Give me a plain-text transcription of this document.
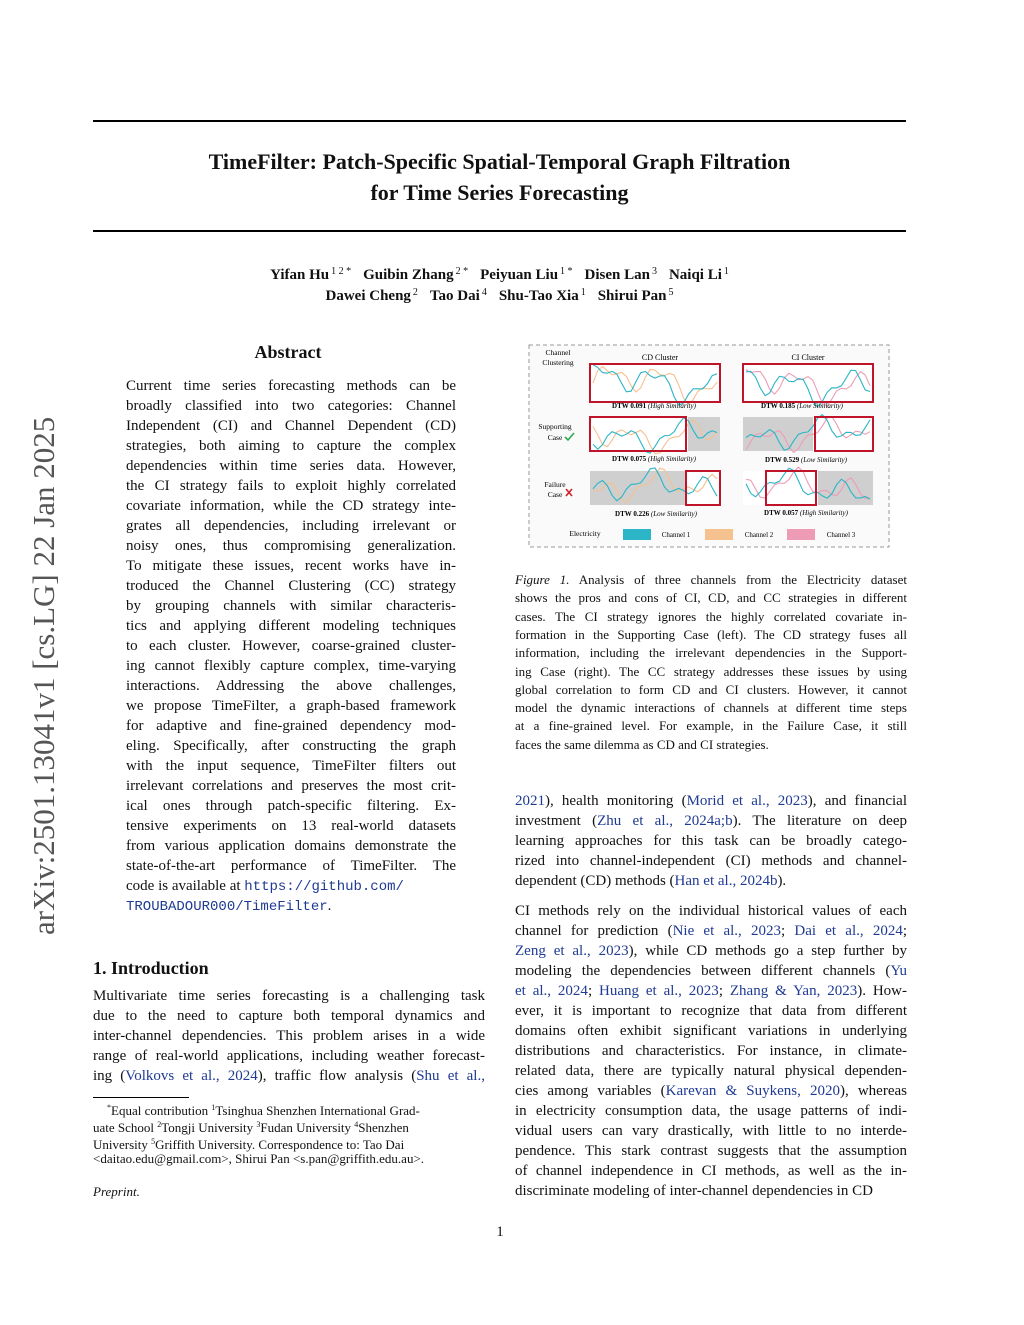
TimeFilter: Patch-Specific Spatial-Temporal Graph Filtration
for Time Series Forecasting
Yifan Hu $^{1 2 *}$ Guibin Zhang $^{2 *}$ Peiyuan Liu $^{1 *}$ Disen Lan $^3$ Naiqi Li $^1$
Dawei Cheng $^2$ Tao Dai $^4$ Shu-Tao Xia $^1$ Shirui Pan $^5$
arXiv:2501.13041v1 [cs.LG] 22 Jan 2025
Abstract
Current time series forecasting methods can be
broadly classified into two categories: Channel
Independent (CI) and Channel Dependent (CD)
strategies, both aiming to capture the complex
dependencies within time series data. However,
the CI strategy fails to exploit highly correlated
covariate information, while the CD strategy inte-
grates all dependencies, including irrelevant or
noisy ones, thus compromising generalization.
To mitigate these issues, recent works have in-
troduced the Channel Clustering (CC) strategy
by grouping channels with similar characteris-
tics and applying different modeling techniques
to each cluster. However, coarse-grained cluster-
ing cannot flexibly capture complex, time-varying
interactions. Addressing the above challenges,
we propose TimeFilter, a graph-based framework
for adaptive and fine-grained dependency mod-
eling. Specifically, after constructing the graph
with the input sequence, TimeFilter filters out
irrelevant correlations and preserves the most crit-
ical ones through patch-specific filtering. Ex-
tensive experiments on 13 real-world datasets
from various application domains demonstrate the
state-of-the-art performance of TimeFilter. The
code is available at https://github.com/
TROUBADOUR000/TimeFilter.
1. Introduction
Multivariate time series forecasting is a challenging task
due to the need to capture both temporal dynamics and
inter-channel dependencies. This problem arises in a wide
range of real-world applications, including weather forecast-
ing (Volkovs et al., 2024), traffic flow analysis (Shu et al.,
*Equal contribution $^1$Tsinghua Shenzhen International Grad-
uate School $^2$Tongji University $^3$Fudan University $^4$Shenzhen
University $^5$Griffith University. Correspondence to: Tao Dai
<daitao.edu@gmail.com>, Shirui Pan <s.pan@griffith.edu.au>.
Preprint.
1
Channel
Clustering
Supporting
Case
Failure
Case
CD Cluster	CI Cluster
DTW 0.091 (High Similarity)	DTW 0.185 (Low Similarity)
DTW 0.075 (High Similarity)	DTW 0.529 (Low Similarity)
DTW 0.226 (Low Similarity)	DTW 0.057 (High Similarity)
Electricity	Channel 1	Channel 2	Channel 3
Figure 1. Analysis of three channels from the Electricity dataset
shows the pros and cons of CI, CD, and CC strategies in different
cases. The CI strategy ignores the highly correlated covariate in-
formation in the Supporting Case (left). The CD strategy fuses all
information, including the irrelevant dependencies in the Support-
ing Case (right). The CC strategy addresses these issues by using
global correlation to form CD and CI clusters. However, it cannot
model the dynamic interactions of channels at different time steps
at a fine-grained level. For example, in the Failure Case, it still
faces the same dilemma as CD and CI strategies.
2021), health monitoring (Morid et al., 2023), and financial
investment (Zhu et al., 2024a;b). The literature on deep
learning approaches for this task can be broadly catego-
rized into channel-independent (CI) methods and channel-
dependent (CD) methods (Han et al., 2024b).
CI methods rely on the individual historical values of each
channel for prediction (Nie et al., 2023; Dai et al., 2024;
Zeng et al., 2023), while CD methods go a step further by
modeling the dependencies between different channels (Yu
et al., 2024; Huang et al., 2023; Zhang & Yan, 2023). How-
ever, it is important to recognize that data from different
domains often exhibit significant variations in underlying
distributions and characteristics. For instance, in climate-
related data, there are typically natural physical dependen-
cies among variables (Karevan & Suykens, 2020), whereas
in electricity consumption data, the usage patterns of indi-
vidual users can vary drastically, with little to no interde-
pendence. This stark contrast suggests that the assumption
of channel independence in CI methods, as well as the in-
discriminate modeling of inter-channel dependencies in CD
